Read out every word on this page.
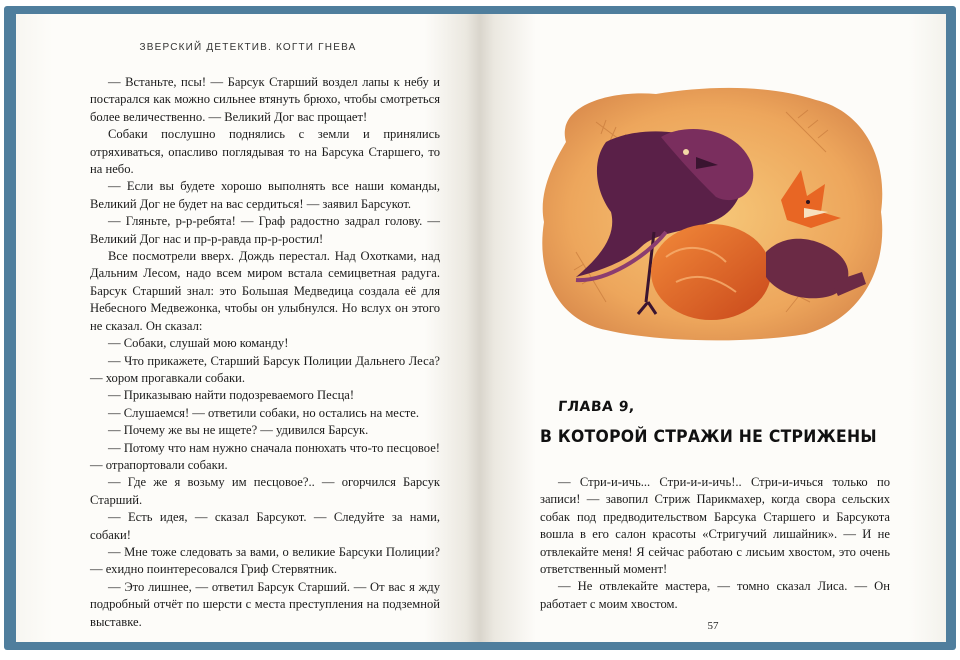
ЗВЕРСКИЙ ДЕТЕКТИВ. КОГТИ ГНЕВА

— Встаньте, псы! — Барсук Старший воздел лапы к небу и постарался как можно сильнее втянуть брюхо, чтобы смотреться более величественно. — Великий Дог вас прощает!

Собаки послушно поднялись с земли и принялись отряхиваться, опасливо поглядывая то на Барсука Старшего, то на небо.

— Если вы будете хорошо выполнять все наши команды, Великий Дог не будет на вас сердиться! — заявил Барсукот.

— Гляньте, р-р-ребята! — Граф радостно задрал голову. — Великий Дог нас и пр-р-равда пр-р-ростил!

Все посмотрели вверх. Дождь перестал. Над Охотками, над Дальним Лесом, надо всем миром встала семицветная радуга. Барсук Старший знал: это Большая Медведица создала её для Небесного Медвежонка, чтобы он улыбнулся. Но вслух он этого не сказал. Он сказал:

— Собаки, слушай мою команду!

— Что прикажете, Старший Барсук Полиции Дальнего Леса? — хором прогавкали собаки.

— Приказываю найти подозреваемого Песца!

— Слушаемся! — ответили собаки, но остались на месте.

— Почему же вы не ищете? — удивился Барсук.

— Потому что нам нужно сначала понюхать что-то песцовое! — отрапортовали собаки.

— Где же я возьму им песцовое?.. — огорчился Барсук Старший.

— Есть идея, — сказал Барсукот. — Следуйте за нами, собаки!

— Мне тоже следовать за вами, о великие Барсуки Полиции? — ехидно поинтересовался Гриф Стервятник.

— Это лишнее, — ответил Барсук Старший. — От вас я жду подробный отчёт по шерсти с места преступления на подземной выставке.

ГЛАВА 9,
В КОТОРОЙ СТРАЖИ НЕ СТРИЖЕНЫ

— Стри-и-ичь... Стри-и-и-ичь!.. Стри-и-ичься только по записи! — завопил Стриж Парикмахер, когда свора сельских собак под предводительством Барсука Старшего и Барсукота вошла в его салон красоты «Стригучий лишайник». — И не отвлекайте меня! Я сейчас работаю с лисьим хвостом, это очень ответственный момент!

— Не отвлекайте мастера, — томно сказал Лиса. — Он работает с моим хвостом.

57
